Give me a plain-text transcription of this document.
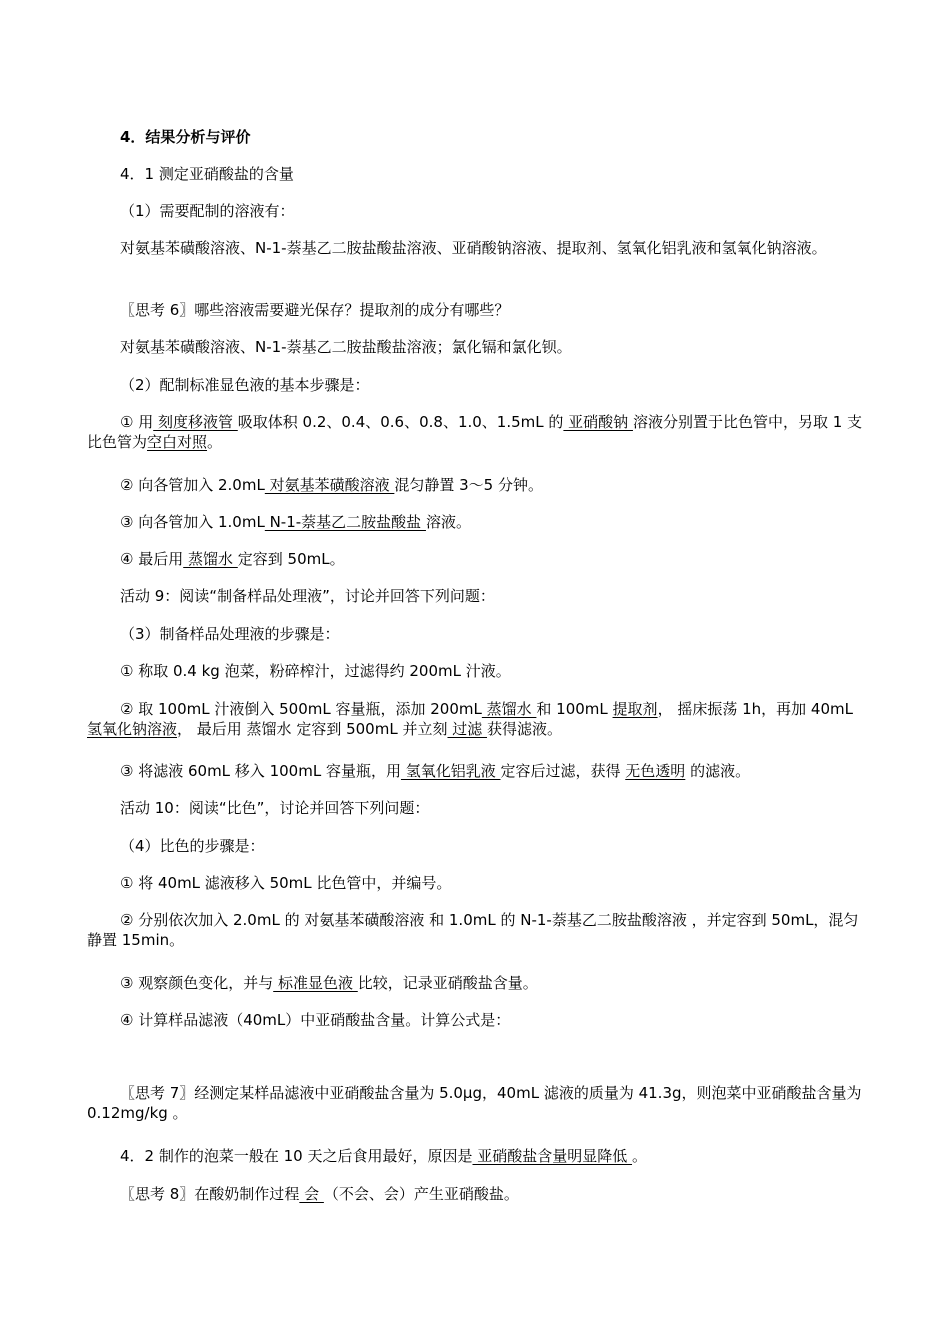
4．结果分析与评价
4．1 测定亚硝酸盐的含量
（1）需要配制的溶液有：
对氨基苯磺酸溶液、N-1-萘基乙二胺盐酸盐溶液、亚硝酸钠溶液、提取剂、氢氧化铝乳液和氢氧化钠溶液。
〖思考 6〗哪些溶液需要避光保存？提取剂的成分有哪些？
对氨基苯磺酸溶液、N-1-萘基乙二胺盐酸盐溶液；氯化镉和氯化钡。
（2）配制标准显色液的基本步骤是：
① 用 刻度移液管 吸取体积 0.2、0.4、0.6、0.8、1.0、1.5mL 的 亚硝酸钠 溶液分别置于比色管中，另取 1 支比色管为空白对照。
② 向各管加入 2.0mL 对氨基苯磺酸溶液 混匀静置 3～5 分钟。
③ 向各管加入 1.0mL N-1-萘基乙二胺盐酸盐 溶液。
④ 最后用 蒸馏水 定容到 50mL。
活动 9：阅读“制备样品处理液”，讨论并回答下列问题：
（3）制备样品处理液的步骤是：
① 称取 0.4 kg 泡菜，粉碎榨汁，过滤得约 200mL 汁液。
② 取 100mL 汁液倒入 500mL 容量瓶，添加 200mL 蒸馏水 和 100mL 提取剂， 摇床振荡 1h，再加 40mL 氢氧化钠溶液， 最后用 蒸馏水 定容到 500mL 并立刻 过滤 获得滤液。
③ 将滤液 60mL 移入 100mL 容量瓶，用 氢氧化铝乳液 定容后过滤，获得 无色透明 的滤液。
活动 10：阅读“比色”，讨论并回答下列问题：
（4）比色的步骤是：
① 将 40mL 滤液移入 50mL 比色管中，并编号。
② 分别依次加入 2.0mL 的 对氨基苯磺酸溶液 和 1.0mL 的 N-1-萘基乙二胺盐酸溶液 ，并定容到 50mL，混匀静置 15min。
③ 观察颜色变化，并与 标准显色液 比较，记录亚硝酸盐含量。
④ 计算样品滤液（40mL）中亚硝酸盐含量。计算公式是：
〖思考 7〗经测定某样品滤液中亚硝酸盐含量为 5.0μg，40mL 滤液的质量为 41.3g，则泡菜中亚硝酸盐含量为 0.12mg/kg 。
4．2 制作的泡菜一般在 10 天之后食用最好，原因是 亚硝酸盐含量明显降低 。
〖思考 8〗在酸奶制作过程 会 （不会、会）产生亚硝酸盐。
